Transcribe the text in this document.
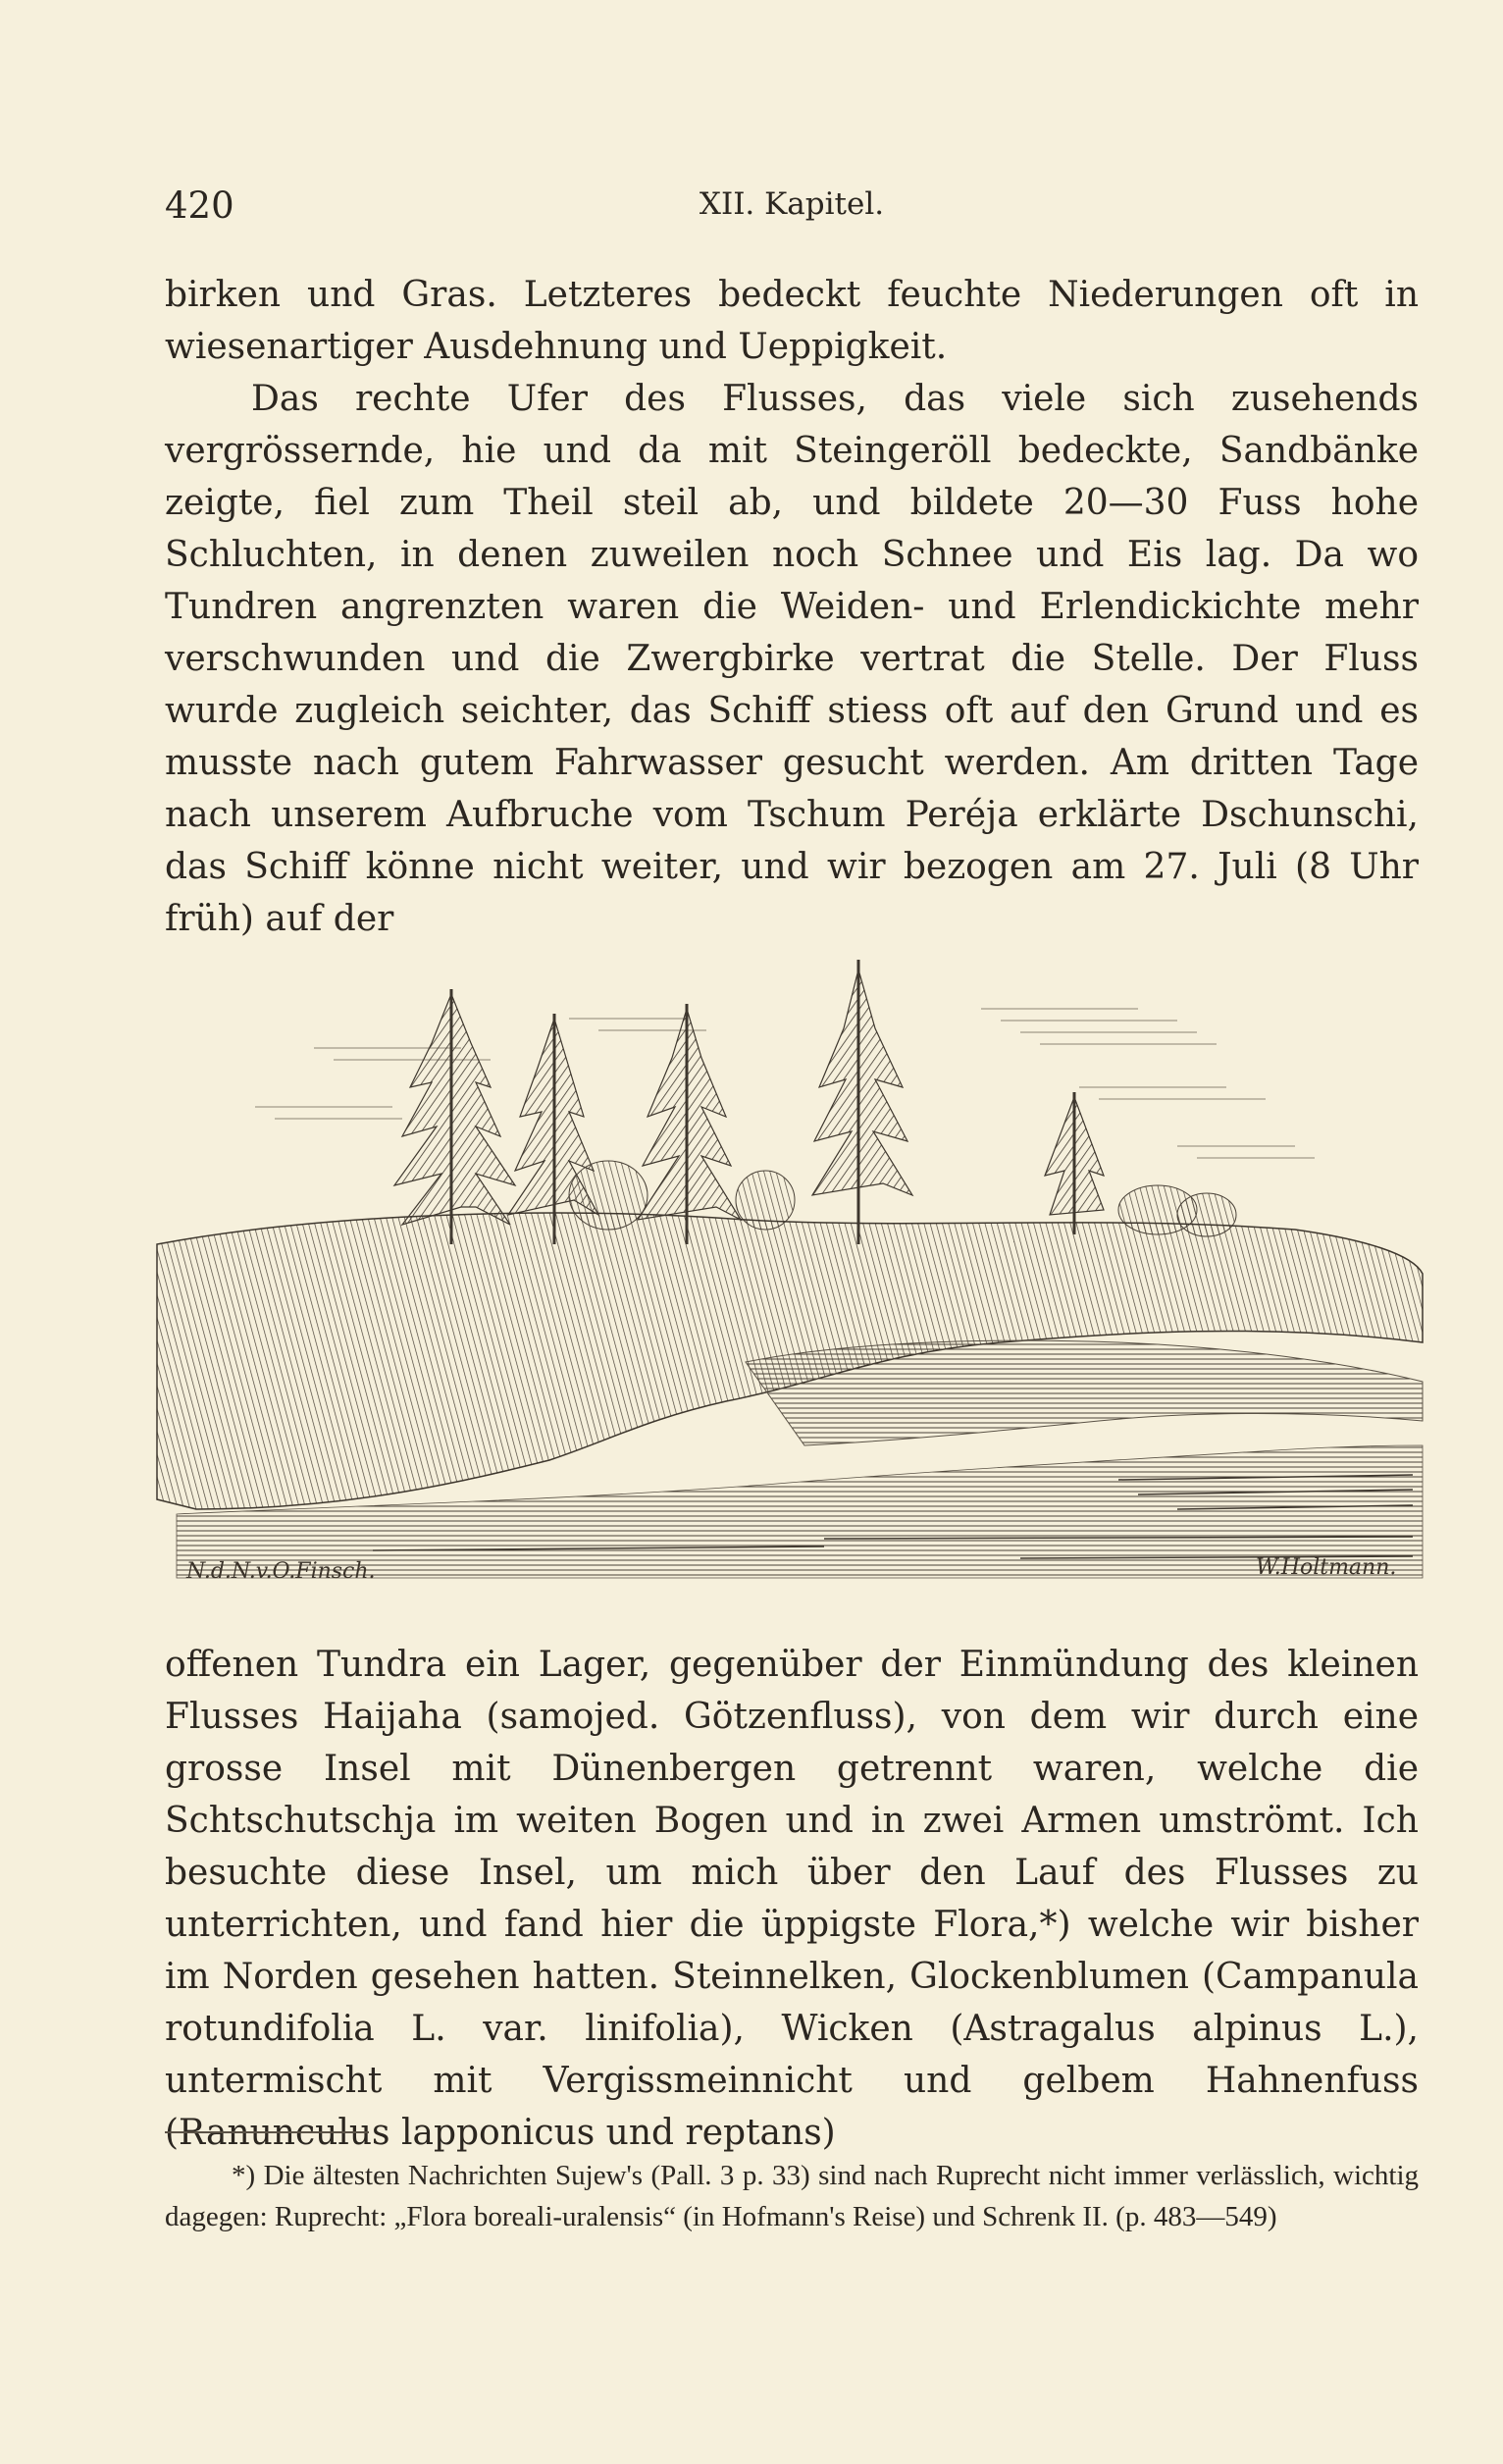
420	XII. Kapitel.

birken und Gras. Letzteres bedeckt feuchte Niederungen oft in wiesenartiger Ausdehnung und Ueppigkeit.

Das rechte Ufer des Flusses, das viele sich zusehends vergrössernde, hie und da mit Steingeröll bedeckte, Sandbänke zeigte, fiel zum Theil steil ab, und bildete 20—30 Fuss hohe Schluchten, in denen zuweilen noch Schnee und Eis lag. Da wo Tundren angrenzten waren die Weiden- und Erlendickichte mehr verschwunden und die Zwergbirke vertrat die Stelle. Der Fluss wurde zugleich seichter, das Schiff stiess oft auf den Grund und es musste nach gutem Fahrwasser gesucht werden. Am dritten Tage nach unserem Aufbruche vom Tschum Peréja erklärte Dschunschi, das Schiff könne nicht weiter, und wir bezogen am 27. Juli (8 Uhr früh) auf der

N.d.N.v.O.Finsch.	W.Holtmann.

offenen Tundra ein Lager, gegenüber der Einmündung des kleinen Flusses Haijaha (samojed. Götzenfluss), von dem wir durch eine grosse Insel mit Dünenbergen getrennt waren, welche die Schtschutschja im weiten Bogen und in zwei Armen umströmt. Ich besuchte diese Insel, um mich über den Lauf des Flusses zu unterrichten, und fand hier die üppigste Flora,*) welche wir bisher im Norden gesehen hatten. Steinnelken, Glockenblumen (Campanula rotundifolia L. var. linifolia), Wicken (Astragalus alpinus L.), untermischt mit Vergissmeinnicht und gelbem Hahnenfuss (Ranunculus lapponicus und reptans)

*) Die ältesten Nachrichten Sujew's (Pall. 3 p. 33) sind nach Ruprecht nicht immer verlässlich, wichtig dagegen: Ruprecht: „Flora boreali-uralensis“ (in Hofmann's Reise) und Schrenk II. (p. 483—549)
